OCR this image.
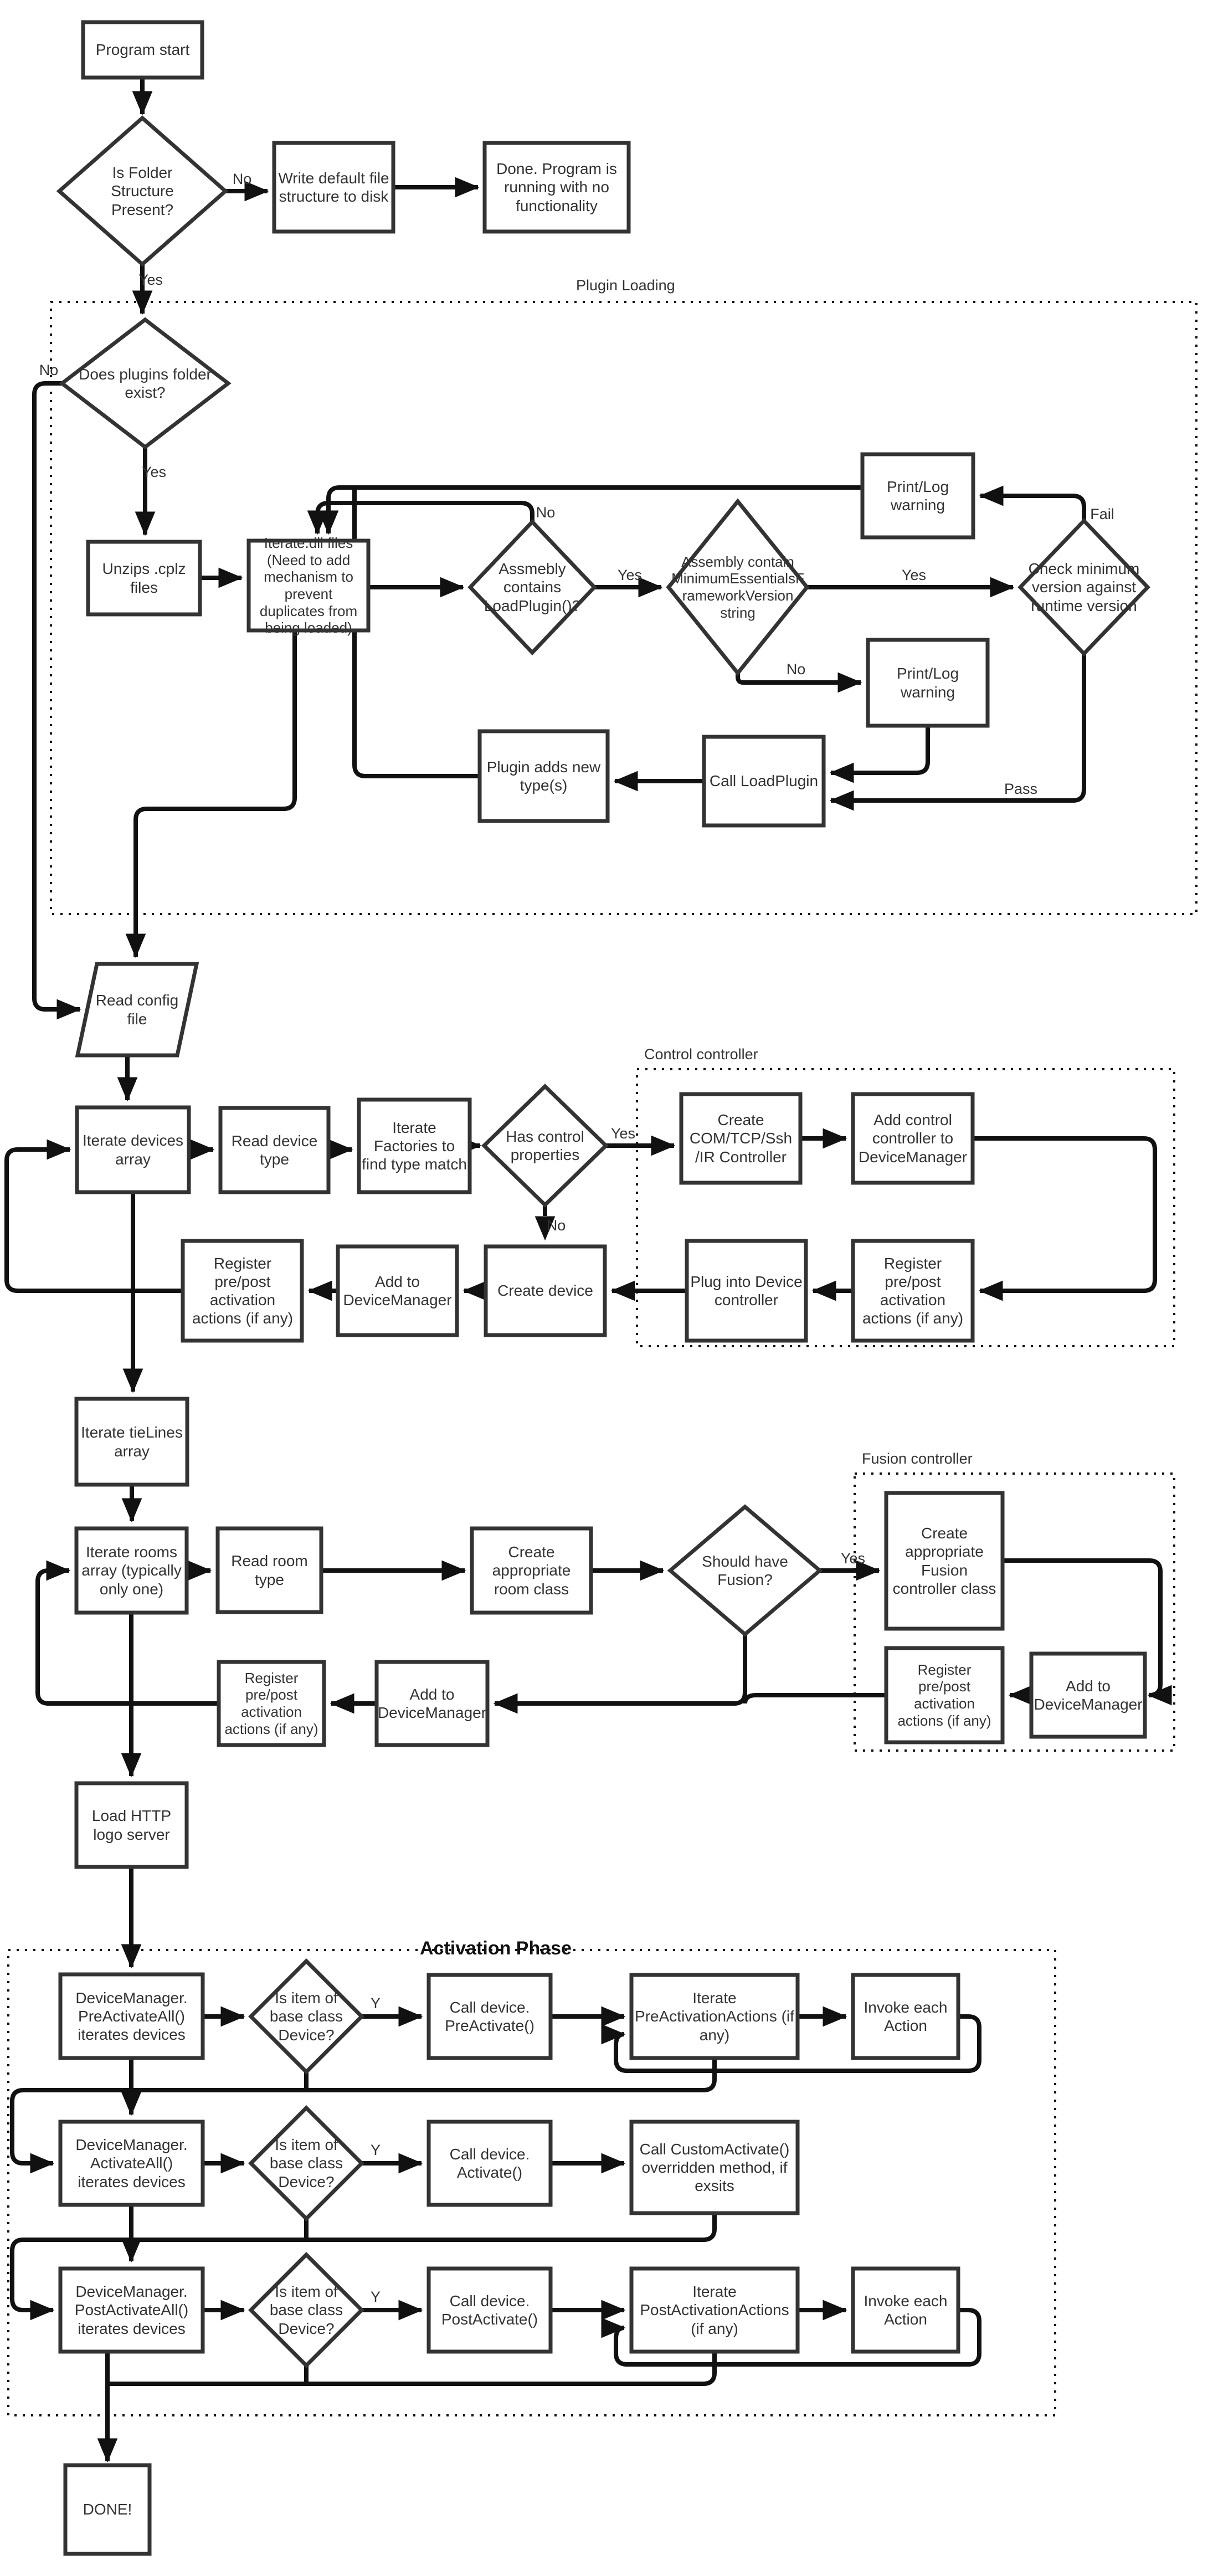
Plugin Loading
Control controller
Fusion controller
Activation Phase
Program start
Is Folder Structure Present?
Write default file structure to disk
Done. Program is running with no functionality
Does plugins folder exist?
Unzips .cplz files
Iterate.dll files (Need to add mechanism to prevent duplicates from being loaded)
Assmebly contains LoadPlugin()?
Assembly contain MinimumEssentialsFrameworkVersion string
Check minimum version against runtime version
Print/Log warning
Print/Log warning
Call LoadPlugin
Plugin adds new type(s)
Read config file
Iterate devices array
Read device type
Iterate Factories to find type match
Has control properties
Create COM/TCP/Ssh /IR Controller
Add control controller to DeviceManager
Register pre/post activation actions (if any)
Plug into Device controller
Create device
Add to DeviceManager
Register pre/post activation actions (if any)
Iterate tieLines array
Iterate rooms array (typically only one)
Read room type
Create appropriate room class
Should have Fusion?
Create appropriate Fusion controller class
Add to DeviceManager
Register pre/post activation actions (if any)
Add to DeviceManager
Register pre/post activation actions (if any)
Load HTTP logo server
DeviceManager. PreActivateAll() iterates devices
Is item of base class Device?
Call device. PreActivate()
Iterate PreActivationActions (if any)
Invoke each Action
DeviceManager. ActivateAll() iterates devices
Is item of base class Device?
Call device. Activate()
Call CustomActivate() overridden method, if exsits
DeviceManager. PostActivateAll() iterates devices
Is item of base class Device?
Call device. PostActivate()
Iterate PostActivationActions (if any)
Invoke each Action
DONE!
No
Yes
No
Yes
No
Yes	Yes
Fail
No
Pass
Yes
No
Yes
Y
Y
Y
